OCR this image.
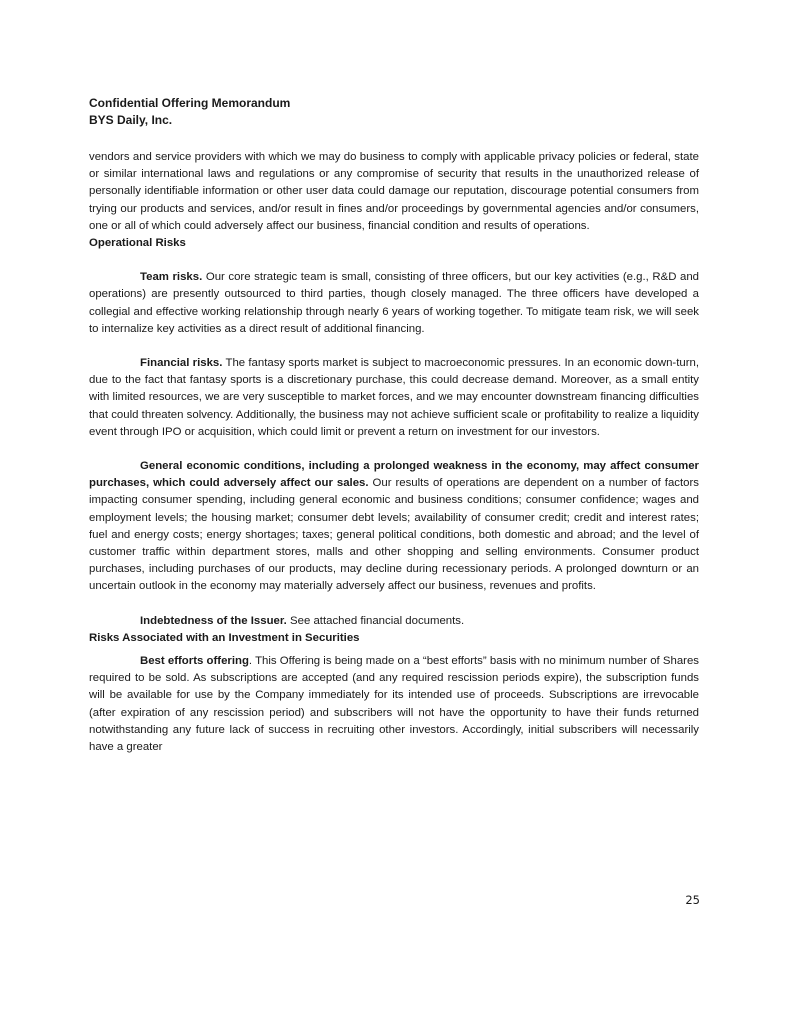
Confidential Offering Memorandum
BYS Daily, Inc.

vendors and service providers with which we may do business to comply with applicable privacy policies or federal, state or similar international laws and regulations or any compromise of security that results in the unauthorized release of personally identifiable information or other user data could damage our reputation, discourage potential consumers from trying our products and services, and/or result in fines and/or proceedings by governmental agencies and/or consumers, one or all of which could adversely affect our business, financial condition and results of operations.

Operational Risks

Team risks. Our core strategic team is small, consisting of three officers, but our key activities (e.g., R&D and operations) are presently outsourced to third parties, though closely managed. The three officers have developed a collegial and effective working relationship through nearly 6 years of working together. To mitigate team risk, we will seek to internalize key activities as a direct result of additional financing.

Financial risks. The fantasy sports market is subject to macroeconomic pressures. In an economic down-turn, due to the fact that fantasy sports is a discretionary purchase, this could decrease demand. Moreover, as a small entity with limited resources, we are very susceptible to market forces, and we may encounter downstream financing difficulties that could threaten solvency. Additionally, the business may not achieve sufficient scale or profitability to realize a liquidity event through IPO or acquisition, which could limit or prevent a return on investment for our investors.

General economic conditions, including a prolonged weakness in the economy, may affect consumer purchases, which could adversely affect our sales. Our results of operations are dependent on a number of factors impacting consumer spending, including general economic and business conditions; consumer confidence; wages and employment levels; the housing market; consumer debt levels; availability of consumer credit; credit and interest rates; fuel and energy costs; energy shortages; taxes; general political conditions, both domestic and abroad; and the level of customer traffic within department stores, malls and other shopping and selling environments. Consumer product purchases, including purchases of our products, may decline during recessionary periods. A prolonged downturn or an uncertain outlook in the economy may materially adversely affect our business, revenues and profits.

Indebtedness of the Issuer. See attached financial documents.

Risks Associated with an Investment in Securities

Best efforts offering. This Offering is being made on a “best efforts” basis with no minimum number of Shares required to be sold. As subscriptions are accepted (and any required rescission periods expire), the subscription funds will be available for use by the Company immediately for its intended use of proceeds. Subscriptions are irrevocable (after expiration of any rescission period) and subscribers will not have the opportunity to have their funds returned notwithstanding any future lack of success in recruiting other investors. Accordingly, initial subscribers will necessarily have a greater

25
